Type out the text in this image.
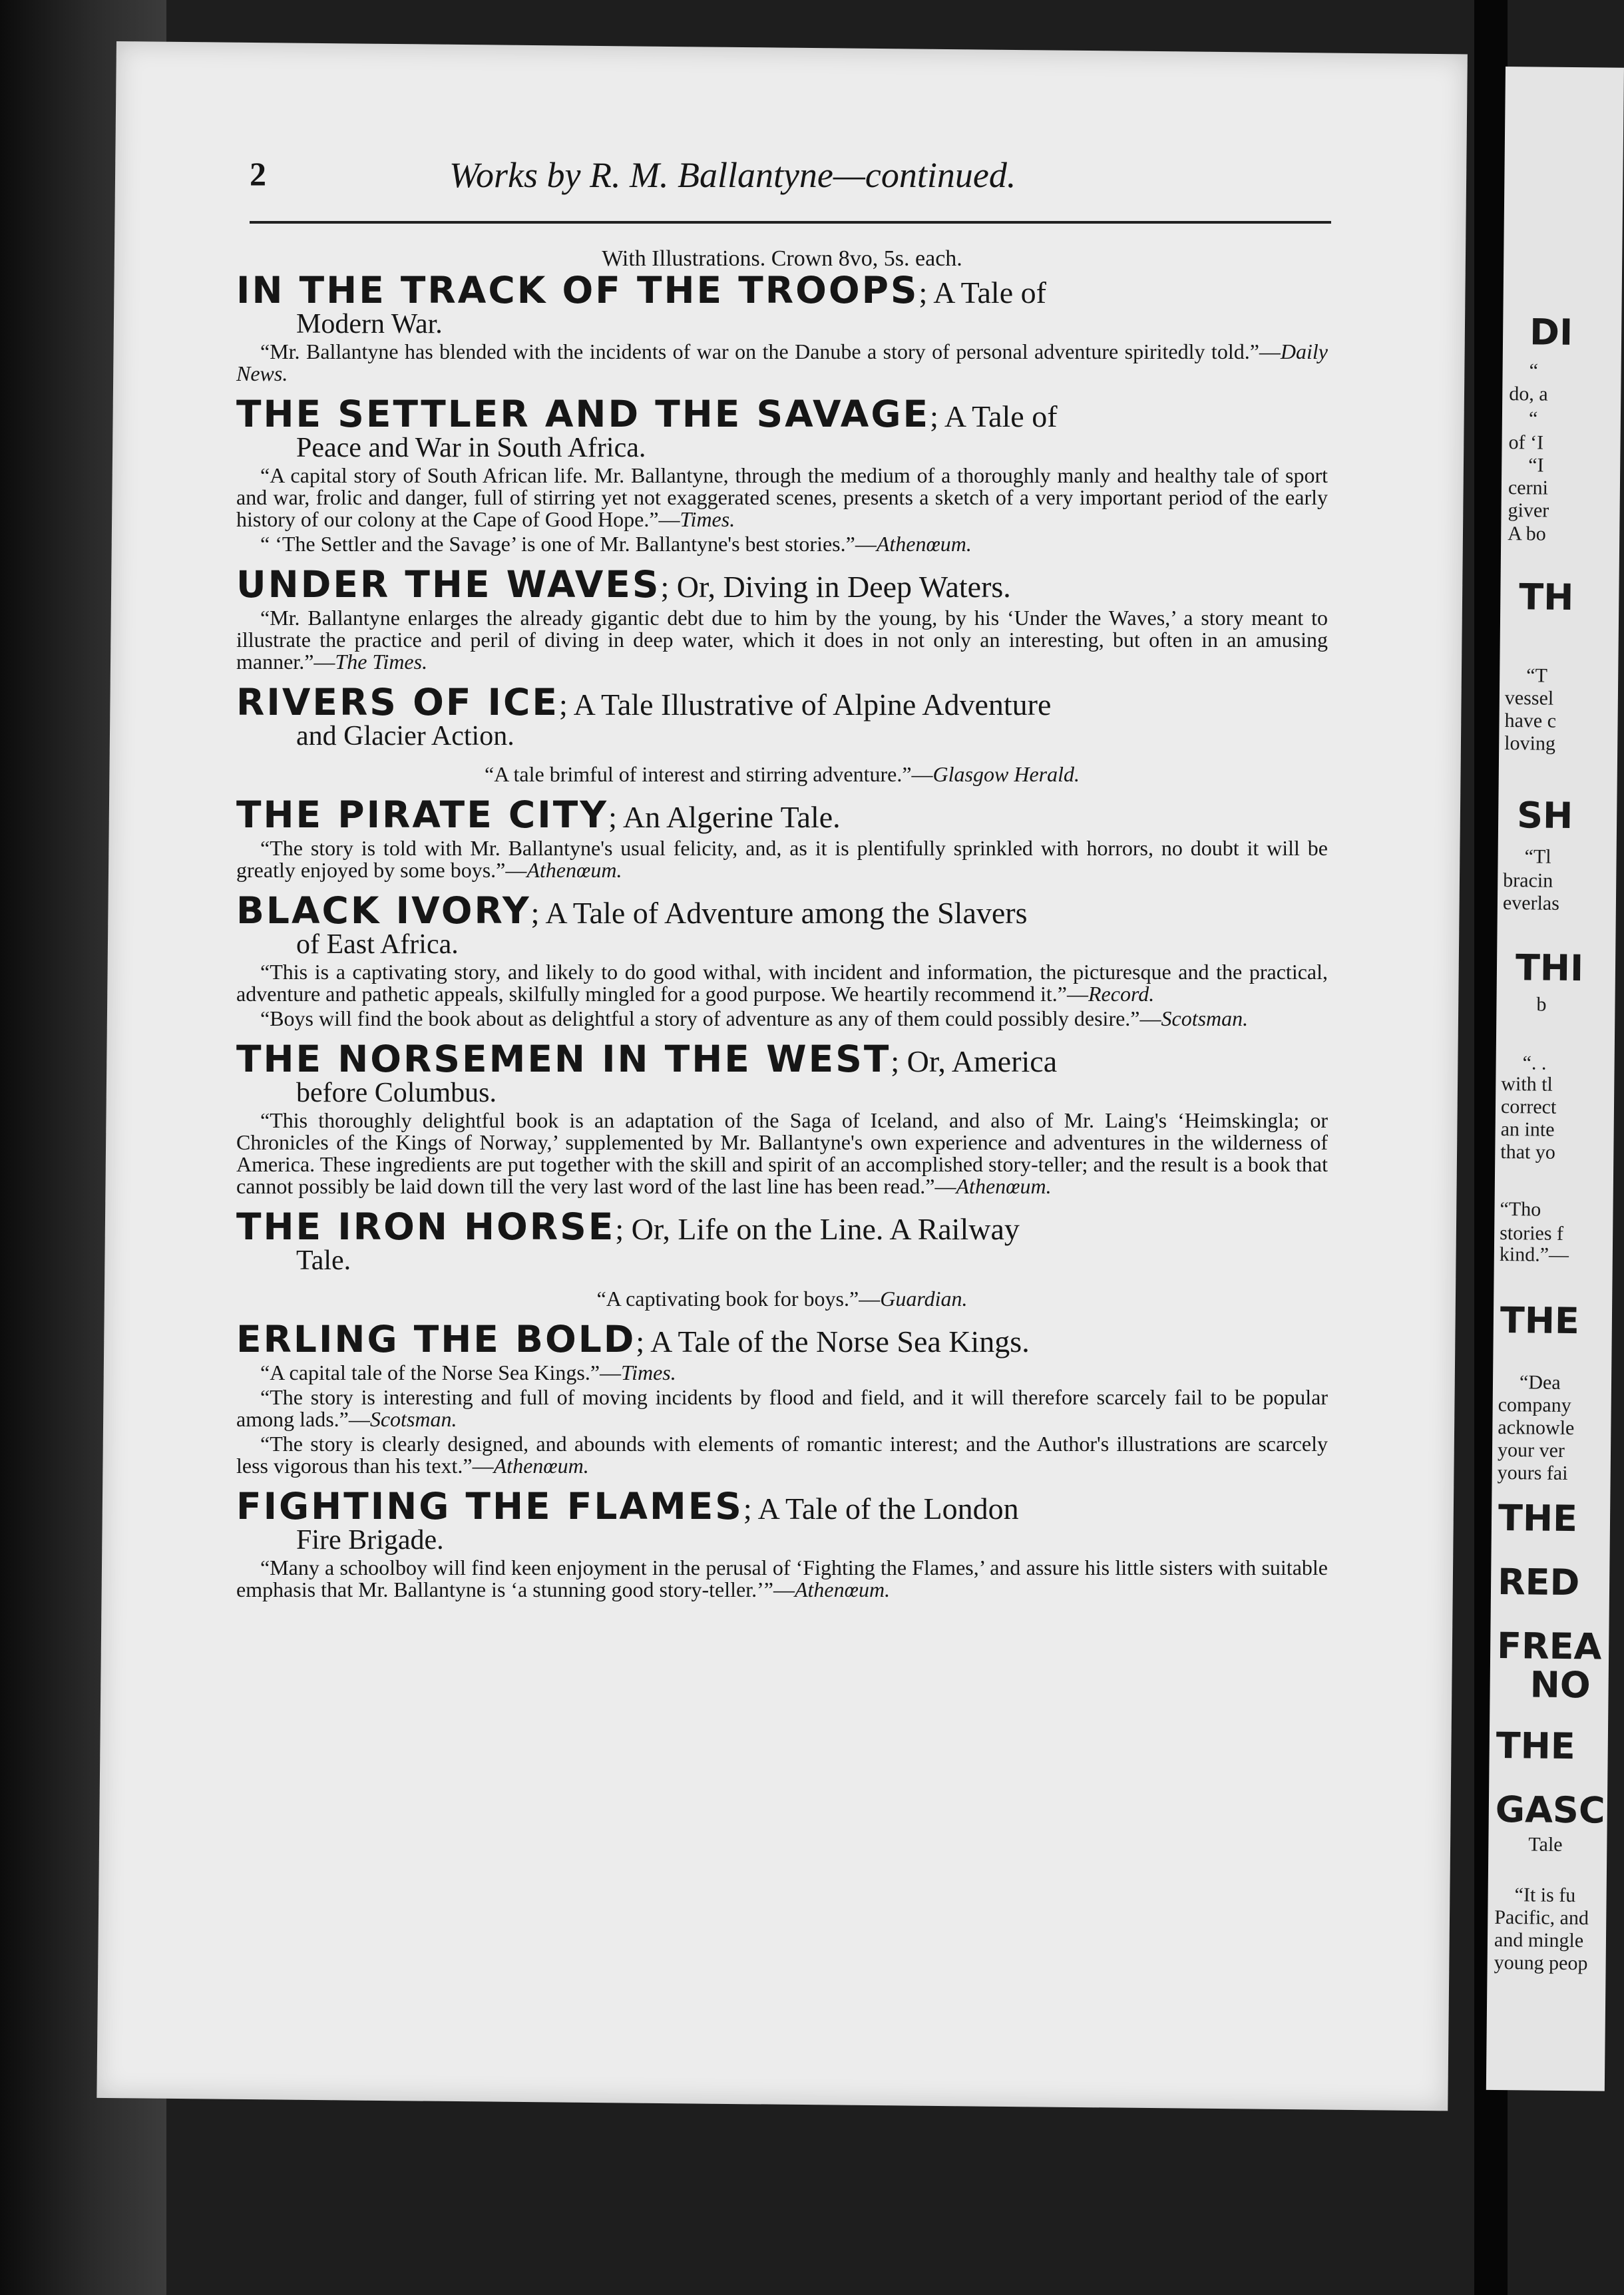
2	Works by R. M. Ballantyne—continued.
With Illustrations. Crown 8vo, 5s. each.
IN THE TRACK OF THE TROOPS; A Tale of
Modern War.

“Mr. Ballantyne has blended with the incidents of war on the Danube a story of personal adventure spiritedly told.”—Daily News.

THE SETTLER AND THE SAVAGE; A Tale of
Peace and War in South Africa.

“A capital story of South African life. Mr. Ballantyne, through the medium of a thoroughly manly and healthy tale of sport and war, frolic and danger, full of stirring yet not exaggerated scenes, presents a sketch of a very important period of the early history of our colony at the Cape of Good Hope.”—Times.

“ ‘The Settler and the Savage’ is one of Mr. Ballantyne's best stories.”—Athenœum.

UNDER THE WAVES; Or, Diving in Deep Waters.

“Mr. Ballantyne enlarges the already gigantic debt due to him by the young, by his ‘Under the Waves,’ a story meant to illustrate the practice and peril of diving in deep water, which it does in not only an interesting, but often in an amusing manner.”—The Times.

RIVERS OF ICE; A Tale Illustrative of Alpine Adventure
and Glacier Action.

“A tale brimful of interest and stirring adventure.”—Glasgow Herald.

THE PIRATE CITY; An Algerine Tale.

“The story is told with Mr. Ballantyne's usual felicity, and, as it is plentifully sprinkled with horrors, no doubt it will be greatly enjoyed by some boys.”—Athenœum.

BLACK IVORY; A Tale of Adventure among the Slavers
of East Africa.

“This is a captivating story, and likely to do good withal, with incident and information, the picturesque and the practical, adventure and pathetic appeals, skilfully mingled for a good purpose. We heartily recommend it.”—Record.

“Boys will find the book about as delightful a story of adventure as any of them could possibly desire.”—Scotsman.

THE NORSEMEN IN THE WEST; Or, America
before Columbus.

“This thoroughly delightful book is an adaptation of the Saga of Iceland, and also of Mr. Laing's ‘Heimskingla; or Chronicles of the Kings of Norway,’ supplemented by Mr. Ballantyne's own experience and adventures in the wilderness of America. These ingredients are put together with the skill and spirit of an accomplished story-teller; and the result is a book that cannot possibly be laid down till the very last word of the last line has been read.”—Athenœum.

THE IRON HORSE; Or, Life on the Line. A Railway
Tale.

“A captivating book for boys.”—Guardian.

ERLING THE BOLD; A Tale of the Norse Sea Kings.

“A capital tale of the Norse Sea Kings.”—Times.

“The story is interesting and full of moving incidents by flood and field, and it will therefore scarcely fail to be popular among lads.”—Scotsman.

“The story is clearly designed, and abounds with elements of romantic interest; and the Author's illustrations are scarcely less vigorous than his text.”—Athenœum.

FIGHTING THE FLAMES; A Tale of the London
Fire Brigade.

“Many a schoolboy will find keen enjoyment in the perusal of ‘Fighting the Flames,’ and assure his little sisters with suitable emphasis that Mr. Ballantyne is ‘a stunning good story-teller.’”—Athenœum.

DI
“
do, a
“
of ‘I
“I
cerni
giver
A bo
TH
“T
vessel
have c
loving
SH
“Tl
bracin
everlas
THI
b
“. .
with tl
correct
an inte
that yo
“Tho
stories f
kind.”—
THE
“Dea
company
acknowle
your ver
yours fai
THE
RED
FREA
NO
THE
GASC
Tale
“It is fu
Pacific, and
and mingle
young peop
